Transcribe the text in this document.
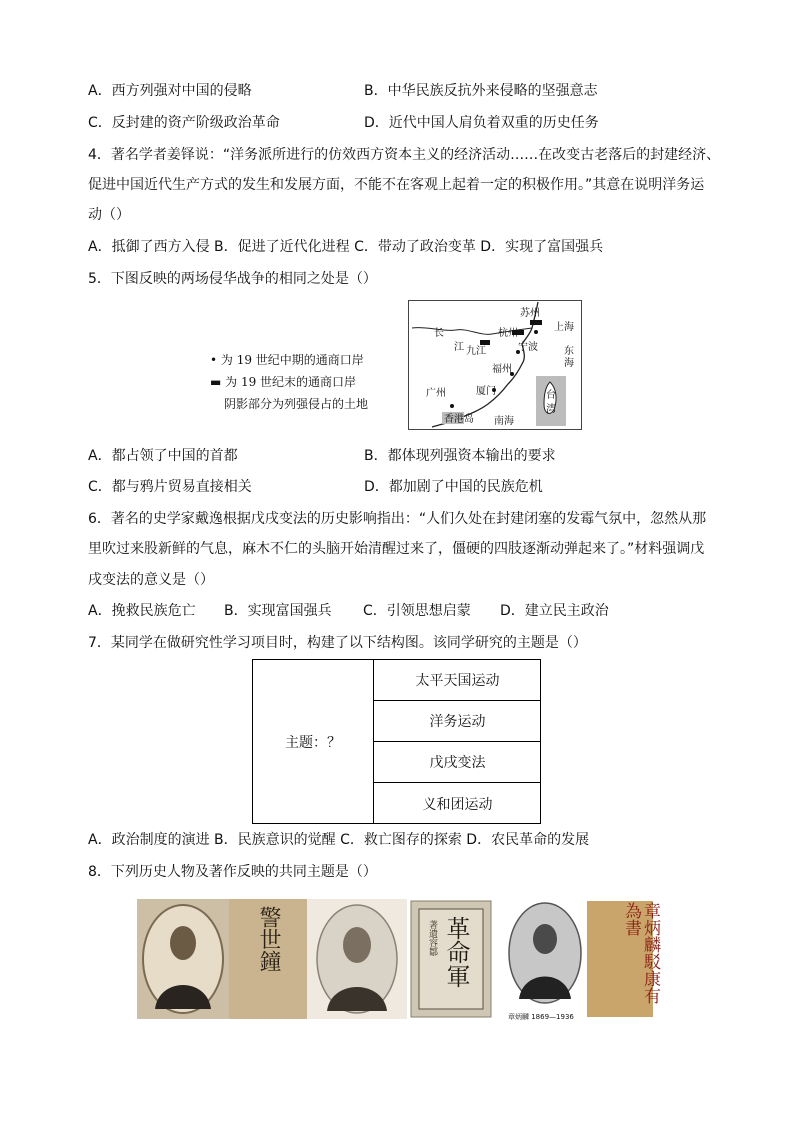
A．西方列强对中国的侵略	B．中华民族反抗外来侵略的坚强意志
C．反封建的资产阶级政治革命	D．近代中国人肩负着双重的历史任务
4．著名学者姜铎说：“洋务派所进行的仿效西方资本主义的经济活动……在改变古老落后的封建经济、
促进中国近代生产方式的发生和发展方面，不能不在客观上起着一定的积极作用。”其意在说明洋务运
动（）
A．抵御了西方入侵 B．促进了近代化进程 C．带动了政治变革 D．实现了富国强兵
5．下图反映的两场侵华战争的相同之处是（）
• 为 19 世纪中期的通商口岸
▬ 为 19 世纪末的通商口岸
阴影部分为列强侵占的土地
长
江
苏州
上海
杭州
九江	宁波	东
海
福州
厦门
广州
香港岛 南海
台
湾
A．都占领了中国的首都	B．都体现列强资本输出的要求
C．都与鸦片贸易直接相关	D．都加剧了中国的民族危机
6．著名的史学家戴逸根据戊戌变法的历史影响指出：“人们久处在封建闭塞的发霉气氛中，忽然从那
里吹过来股新鲜的气息，麻木不仁的头脑开始清醒过来了，僵硬的四肢逐渐动弹起来了。”材料强调戊
戌变法的意义是（）
A．挽救民族危亡 B．实现富国强兵 C．引领思想启蒙 D．建立民主政治
7．某同学在做研究性学习项目时，构建了以下结构图。该同学研究的主题是（）
主题：？
太平天国运动
洋务运动
戊戌变法
义和团运动
A．政治制度的演进 B．民族意识的觉醒 C．救亡图存的探索 D．农民革命的发展
8．下列历史人物及著作反映的共同主题是（）
警世鐘	著遺容鄒 革命軍	章炳麟駁康有為書
章炳麟 1869—1936
